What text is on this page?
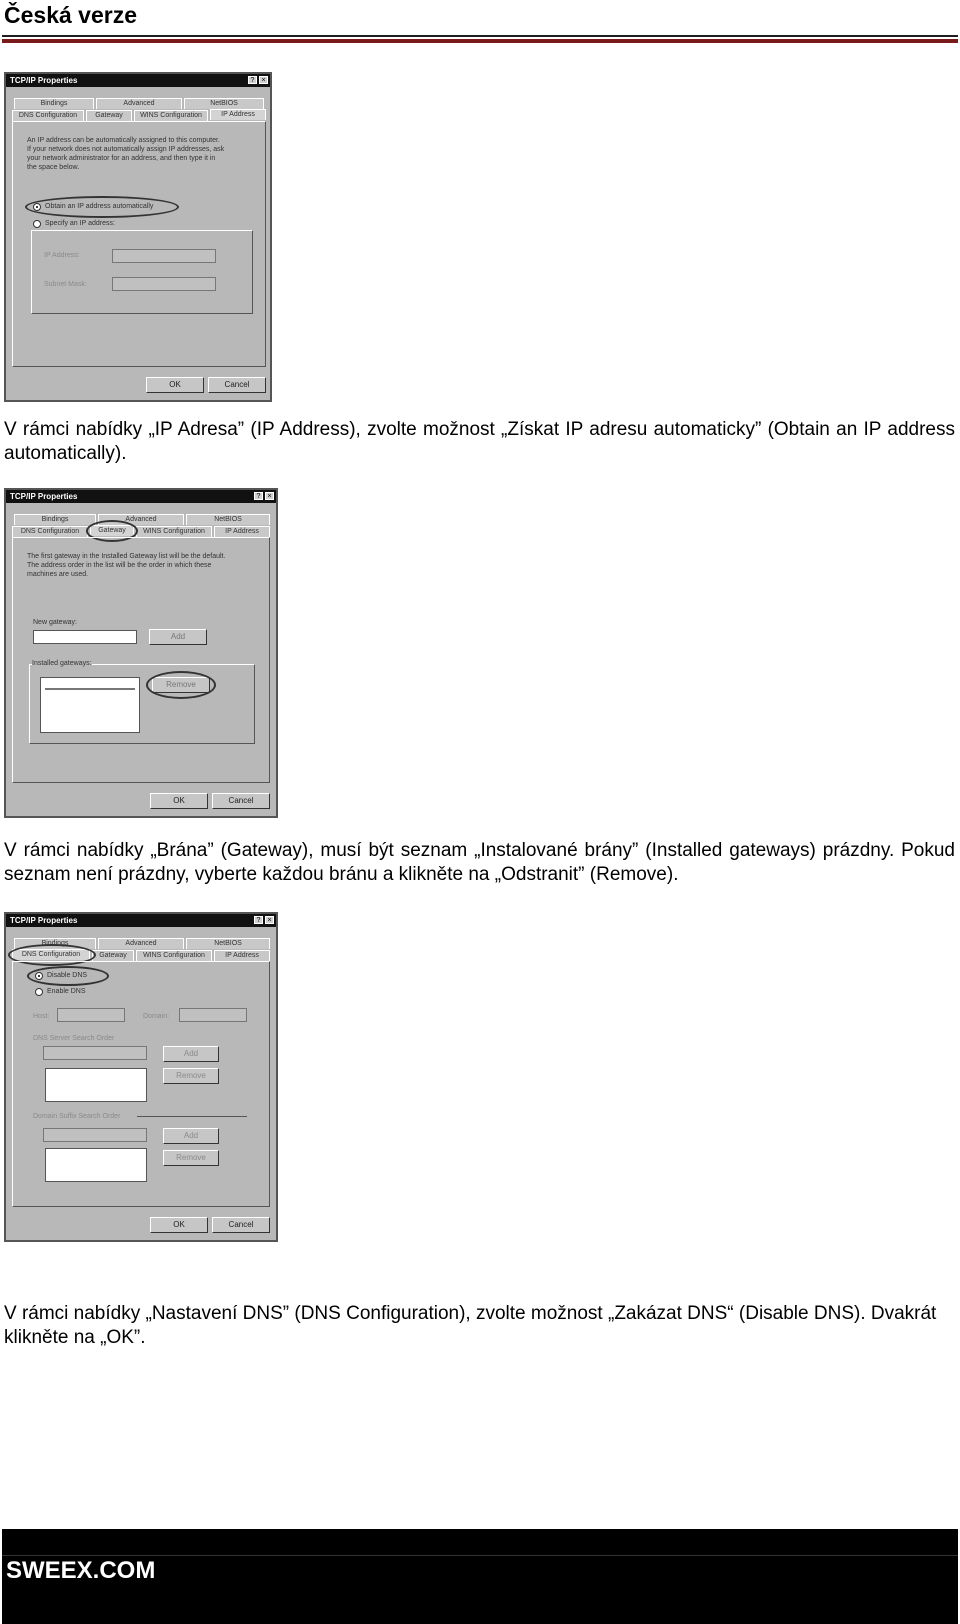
Česká verze
TCP/IP Properties	?	×
Bindings	Advanced	NetBIOS
DNS Configuration	Gateway	WINS Configuration	IP Address
An IP address can be automatically assigned to this computer.
If your network does not automatically assign IP addresses, ask
your network administrator for an address, and then type it in
the space below.
Obtain an IP address automatically
Specify an IP address:
IP Address:
Subnet Mask:
OK	Cancel

V rámci nabídky „IP Adresa” (IP Address), zvolte možnost „Získat IP adresu automaticky” (Obtain an IP address automatically).

TCP/IP Properties	?	×
Bindings	Advanced	NetBIOS
DNS Configuration	Gateway	WINS Configuration	IP Address
The first gateway in the Installed Gateway list will be the default.
The address order in the list will be the order in which these
machines are used.
New gateway:
Add
Installed gateways:
Remove
OK	Cancel

V rámci nabídky „Brána” (Gateway), musí být seznam „Instalované brány” (Installed gateways) prázdny. Pokud seznam není prázdny, vyberte každou bránu a klikněte na „Odstranit” (Remove).

TCP/IP Properties	?	×
Bindings	Advanced	NetBIOS
DNS Configuration	Gateway	WINS Configuration	IP Address
Disable DNS
Enable DNS
Host:	Domain:
DNS Server Search Order
Add
Remove
Domain Suffix Search Order
Add
Remove
OK	Cancel

V rámci nabídky „Nastavení DNS” (DNS Configuration), zvolte možnost „Zakázat DNS“ (Disable DNS). Dvakrát klikněte na „OK”.

SWEEX.COM
